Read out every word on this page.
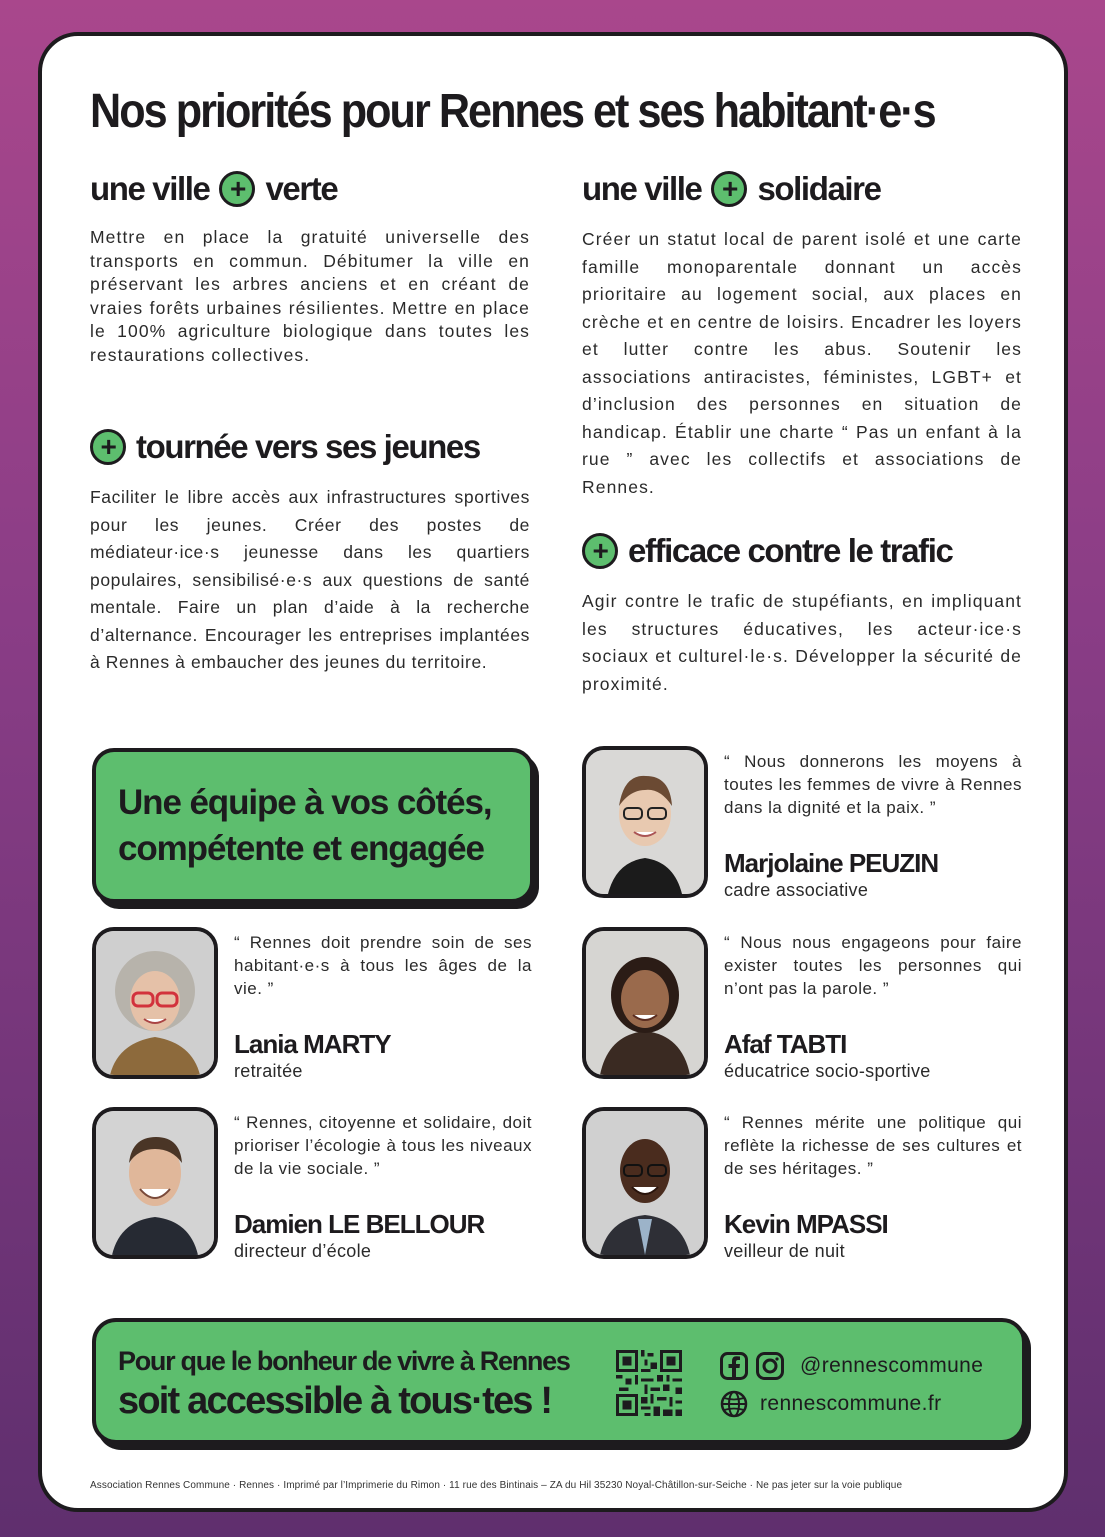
Nos priorités pour Rennes et ses habitant·e·s
une ville + verte

Mettre en place la gratuité universelle des transports en commun. Débitumer la ville en préservant les arbres anciens et en créant de vraies forêts urbaines résilientes. Mettre en place le 100% agriculture biologique dans toutes les restaurations collectives.

+ tournée vers ses jeunes

Faciliter le libre accès aux infrastructures sportives pour les jeunes. Créer des postes de médiateur·ice·s jeunesse dans les quartiers populaires, sensibilisé·e·s aux questions de santé mentale. Faire un plan d’aide à la recherche d’alternance. Encourager les entreprises implantées à Rennes à embaucher des jeunes du territoire.

une ville + solidaire

Créer un statut local de parent isolé et une carte famille monoparentale donnant un accès prioritaire au logement social, aux places en crèche et en centre de loisirs. Encadrer les loyers et lutter contre les abus. Soutenir les associations antiracistes, féministes, LGBT+ et d’inclusion des personnes en situation de handicap. Établir une charte “ Pas un enfant à la rue ” avec les collectifs et associations de Rennes.

+ efficace contre le trafic

Agir contre le trafic de stupéfiants, en impliquant les structures éducatives, les acteur·ice·s sociaux et culturel·le·s. Développer la sécurité de proximité.

Une équipe à vos côtés,
compétente et engagée

“ Nous donnerons les moyens à toutes les femmes de vivre à Rennes dans la dignité et la paix. ”

Marjolaine PEUZIN
cadre associative

“ Rennes doit prendre soin de ses habitant·e·s à tous les âges de la vie. ”

Lania MARTY
retraitée

“ Nous nous engageons pour faire exister toutes les personnes qui n’ont pas la parole. ”

Afaf TABTI
éducatrice socio-sportive

“ Rennes, citoyenne et solidaire, doit prioriser l’écologie à tous les niveaux de la vie sociale. ”

Damien LE BELLOUR
directeur d’école

“ Rennes mérite une politique qui reflète la richesse de ses cultures et de ses héritages. ”

Kevin MPASSI
veilleur de nuit
Pour que le bonheur de vivre à Rennes
soit accessible à tous·tes !
@rennescommune
rennescommune.fr
Association Rennes Commune · Rennes · Imprimé par l’Imprimerie du Rimon · 11 rue des Bintinais – ZA du Hil 35230 Noyal-Châtillon-sur-Seiche · Ne pas jeter sur la voie publique
